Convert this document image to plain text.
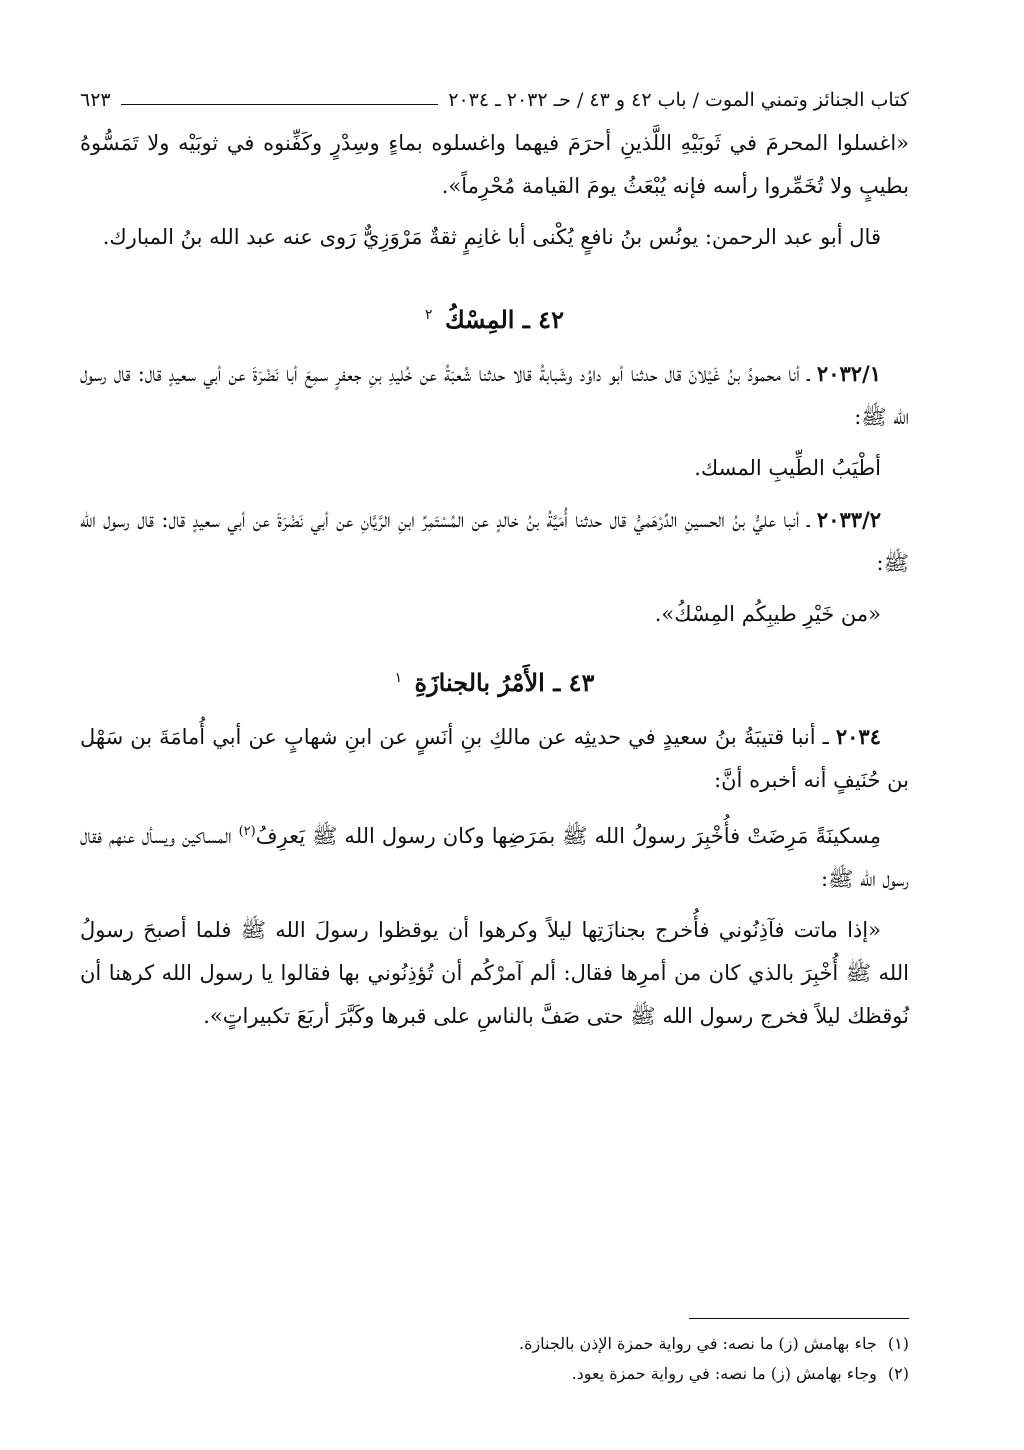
كتاب الجنائز وتمني الموت / باب ٤٢ و ٤٣ / حـ ٢٠٣٢ ـ ٢٠٣٤
٦٢٣

«اغسلوا المحرمَ في ثَوبَيْهِ اللَّذينِ أحرَمَ فيهما واغسلوه بماءٍ وسِدْرٍ وكَفِّنوه في ثوبَيْه ولا تَمَسُّوهُ بطيبٍ ولا تُخَمِّروا رأسه فإنه يُبْعَثُ يومَ القيامة مُحْرِماً».

قال أبو عبد الرحمن: يونُس بنُ نافعٍ يُكْنى أبا غانِمٍ ثقةٌ مَرْوَزِيٌّ رَوى عنه عبد الله بنُ المبارك.

٤٢ ـ المِسْكُ $^٢$

٢٠٣٢/١ ـ أنا محمودُ بنُ غَيْلانَ قال حدثنا أبو داوُد وشَبابةُ قالا حدثنا شُعبَةُ عن خُليدِ بنِ جعفرٍ سمِعَ أبا نَضْرَةَ عن أبي سعيدٍ قال: قال رسول الله ﷺ:

أطْيَبُ الطِّيبِ المسك.

٢٠٣٣/٢ ـ أنبا عليُّ بنُ الحسينِ الدِّرْهَميُّ قال حدثنا أُمَيَّةُ بنُ خالدٍ عن المُسْتَمِرِّ ابنِ الرَّيَّانِ عن أبي نَضْرَةَ عن أبي سعيدٍ قال: قال رسول الله ﷺ:

«من خَيْرِ طيبِكُم المِسْكُ».

٤٣ ـ الأَمْرُ بالجنازَةِ $^١$

٢٠٣٤ ـ أنبا قتيبَةُ بنُ سعيدٍ في حديثِه عن مالكِ بنِ أنَسٍ عن ابنِ شهابٍ عن أبي أُمامَةَ بن سَهْل بن حُنَيفٍ أنه أخبره أنَّ:

مِسكينَةً مَرِضَتْ فأُخْبِرَ رسولُ الله ﷺ بمَرَضِها وكان رسول الله ﷺ يَعرِفُ$^{(٢)}$ المساكين ويسأل عنهم فقال رسول الله ﷺ:

«إذا ماتت فآذِنُوني فأُخرج بجنازَتِها ليلاً وكرهوا أن يوقظوا رسولَ الله ﷺ فلما أصبحَ رسولُ الله ﷺ أُخْبِرَ بالذي كان من أمرِها فقال: ألم آمرْكُم أن تُؤذِنُوني بها فقالوا يا رسول الله كرهنا أن نُوقظك ليلاً فخرج رسول الله ﷺ حتى صَفَّ بالناسِ على قبرها وكَبَّرَ أربَعَ تكبيراتٍ».

(١) جاء بهامش (ز) ما نصه: في رواية حمزة الإذن بالجنازة.

(٢) وجاء بهامش (ز) ما نصه: في رواية حمزة يعود.
